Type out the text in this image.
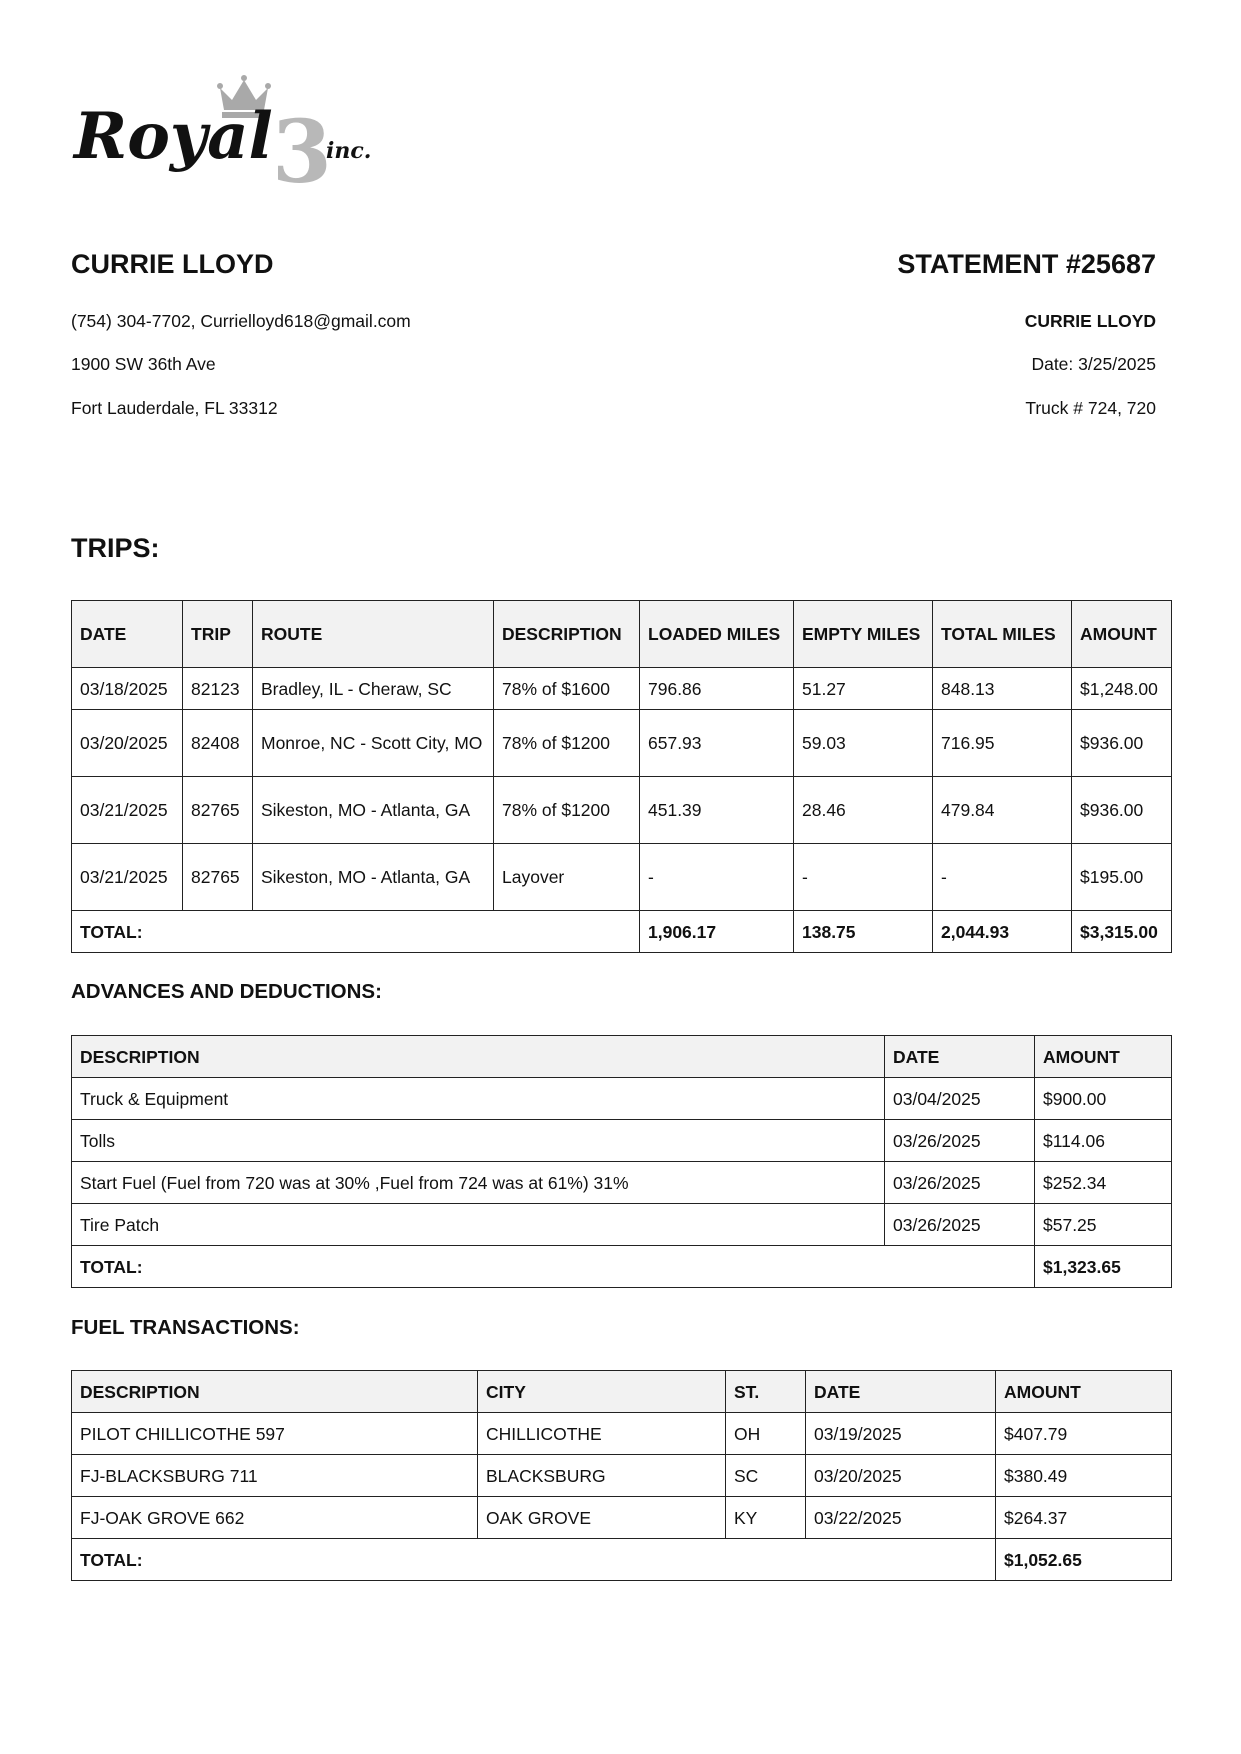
3
Royal inc.
CURRIE LLOYD
(754) 304-7702, Currielloyd618@gmail.com
1900 SW 36th Ave
Fort Lauderdale, FL 33312
STATEMENT #25687
CURRIE LLOYD
Date: 3/25/2025
Truck # 724, 720
TRIPS:
DATE	TRIP	ROUTE	DESCRIPTION	LOADED MILES	EMPTY MILES	TOTAL MILES	AMOUNT
03/18/2025	82123	Bradley, IL - Cheraw, SC	78% of $1600	796.86	51.27	848.13	$1,248.00
03/20/2025	82408	Monroe, NC - Scott City, MO	78% of $1200	657.93	59.03	716.95	$936.00
03/21/2025	82765	Sikeston, MO - Atlanta, GA	78% of $1200	451.39	28.46	479.84	$936.00
03/21/2025	82765	Sikeston, MO - Atlanta, GA	Layover	-	-	-	$195.00
TOTAL:				1,906.17	138.75	2,044.93	$3,315.00
ADVANCES AND DEDUCTIONS:
DESCRIPTION	DATE	AMOUNT
Truck & Equipment	03/04/2025	$900.00
Tolls	03/26/2025	$114.06
Start Fuel (Fuel from 720 was at 30% ,Fuel from 724 was at 61%) 31%	03/26/2025	$252.34
Tire Patch	03/26/2025	$57.25
TOTAL:		$1,323.65
FUEL TRANSACTIONS:
DESCRIPTION	CITY	ST.	DATE	AMOUNT
PILOT CHILLICOTHE 597	CHILLICOTHE	OH	03/19/2025	$407.79
FJ-BLACKSBURG 711	BLACKSBURG	SC	03/20/2025	$380.49
FJ-OAK GROVE 662	OAK GROVE	KY	03/22/2025	$264.37
TOTAL:				$1,052.65
